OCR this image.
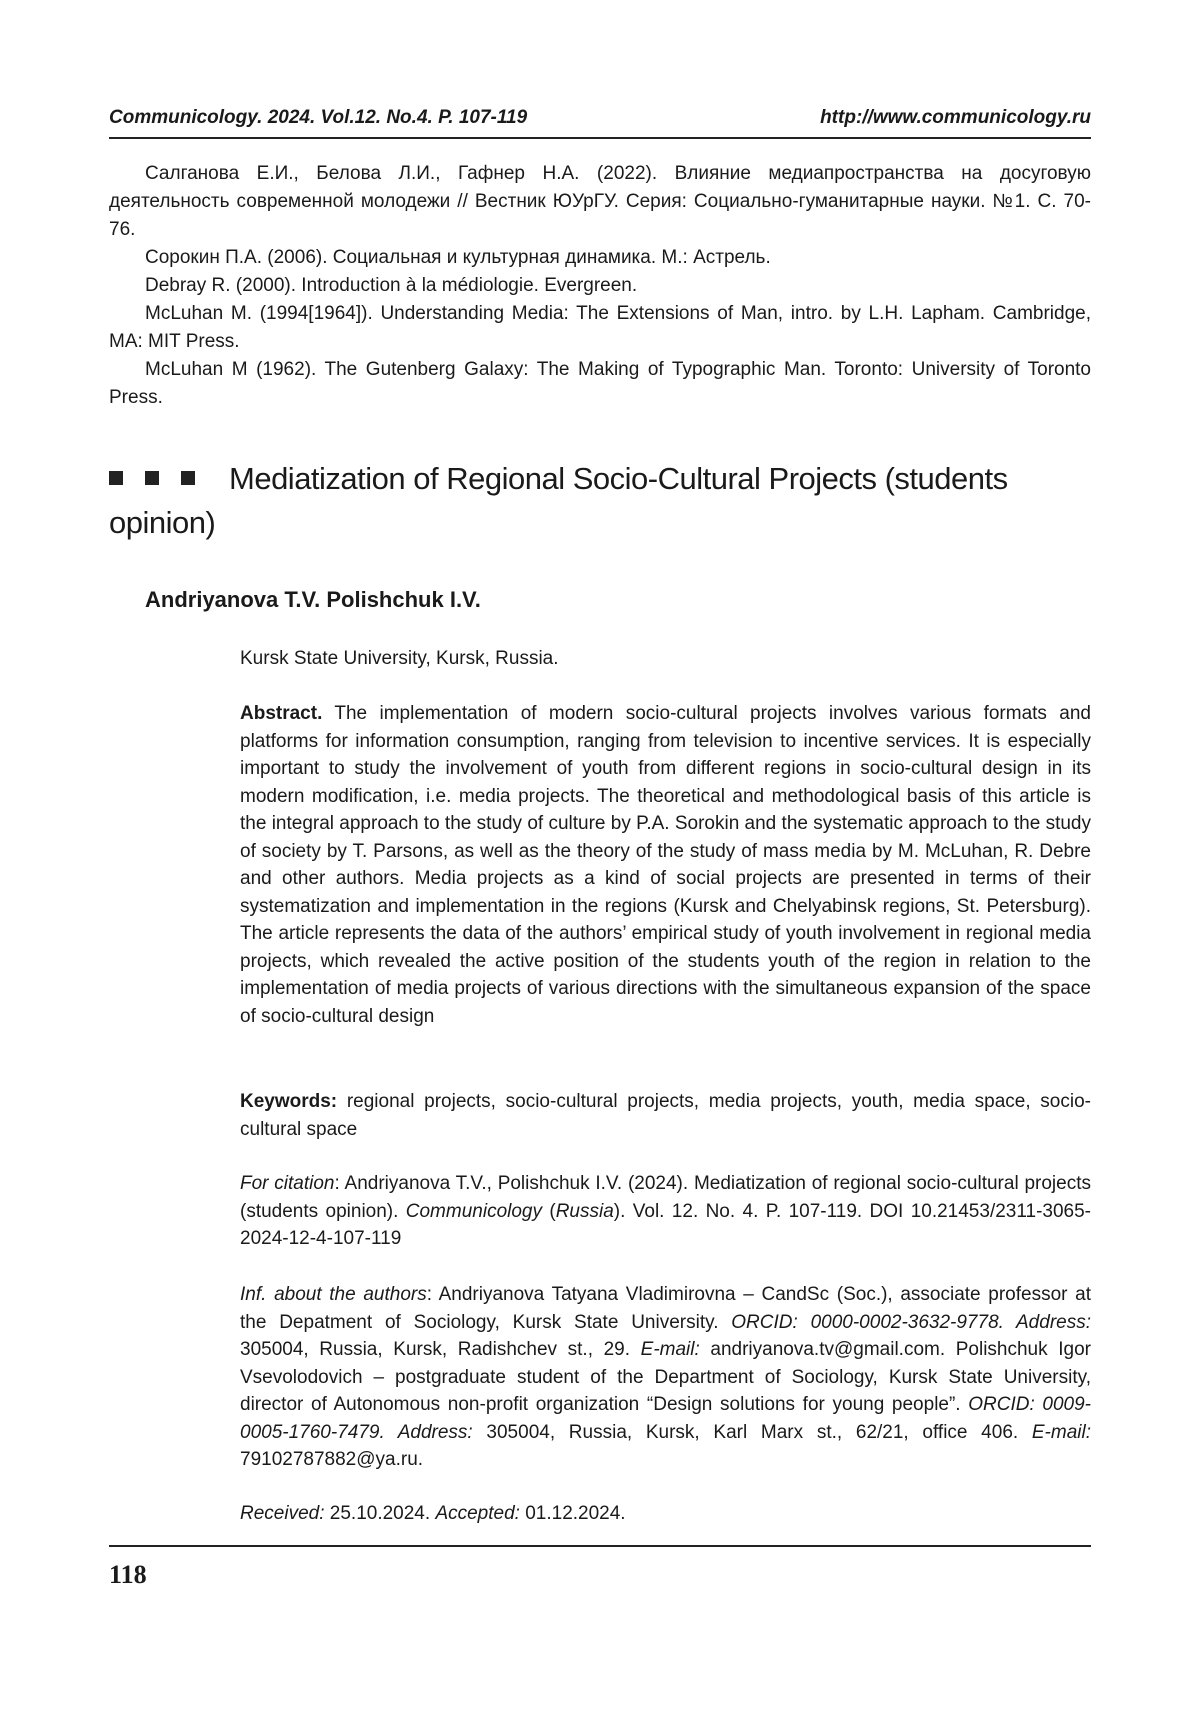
Communicology. 2024. Vol.12. No.4. P. 107-119	http://www.communicology.ru

Салганова Е.И., Белова Л.И., Гафнер Н.А. (2022). Влияние медиапространства на досуговую деятельность современной молодежи // Вестник ЮУрГУ. Серия: Социально-гуманитарные науки. №1. С. 70-76.

Сорокин П.А. (2006). Социальная и культурная динамика. М.: Астрель.

Debray R. (2000). Introduction à la médiologie. Evergreen.

McLuhan M. (1994[1964]). Understanding Media: The Extensions of Man, intro. by L.H. Lapham. Cambridge, MA: MIT Press.

McLuhan M (1962). The Gutenberg Galaxy: The Making of Typographic Man. Toronto: University of Toronto Press.

Mediatization of Regional Socio-Cultural Projects (students opinion)
Andriyanova T.V. Polishchuk I.V.

Kursk State University, Kursk, Russia.

Abstract. The implementation of modern socio-cultural projects involves various formats and platforms for information consumption, ranging from television to incentive services. It is especially important to study the involvement of youth from different regions in socio-cultural design in its modern modification, i.e. media projects. The theoretical and methodological basis of this article is the integral approach to the study of culture by P.A. Sorokin and the systematic approach to the study of society by T. Parsons, as well as the theory of the study of mass media by M. McLuhan, R. Debre and other authors. Media projects as a kind of social projects are presented in terms of their systematization and implementation in the regions (Kursk and Chelyabinsk regions, St. Petersburg). The article represents the data of the authors’ empirical study of youth involvement in regional media projects, which revealed the active position of the students youth of the region in relation to the implementation of media projects of various directions with the simultaneous expansion of the space of socio-cultural design

Keywords: regional projects, socio-cultural projects, media projects, youth, media space, socio-cultural space

For citation: Andriyanova T.V., Polishchuk I.V. (2024). Mediatization of regional socio-cultural projects (students opinion). Communicology (Russia). Vol. 12. No. 4. P. 107-119. DOI 10.21453/2311-3065-2024-12-4-107-119

Inf. about the authors: Andriyanova Tatyana Vladimirovna – CandSc (Soc.), associate professor at the Depatment of Sociology, Kursk State University. ORCID: 0000-0002-3632-9778. Address: 305004, Russia, Kursk, Radishchev st., 29. E-mail: andriyanova.tv@gmail.com. Polishchuk Igor Vsevolodovich – postgraduate student of the Department of Sociology, Kursk State University, director of Autonomous non-profit organization “Design solutions for young people”. ORCID: 0009-0005-1760-7479. Address: 305004, Russia, Kursk, Karl Marx st., 62/21, office 406. E-mail: 79102787882@ya.ru.

Received: 25.10.2024. Accepted: 01.12.2024.

118
